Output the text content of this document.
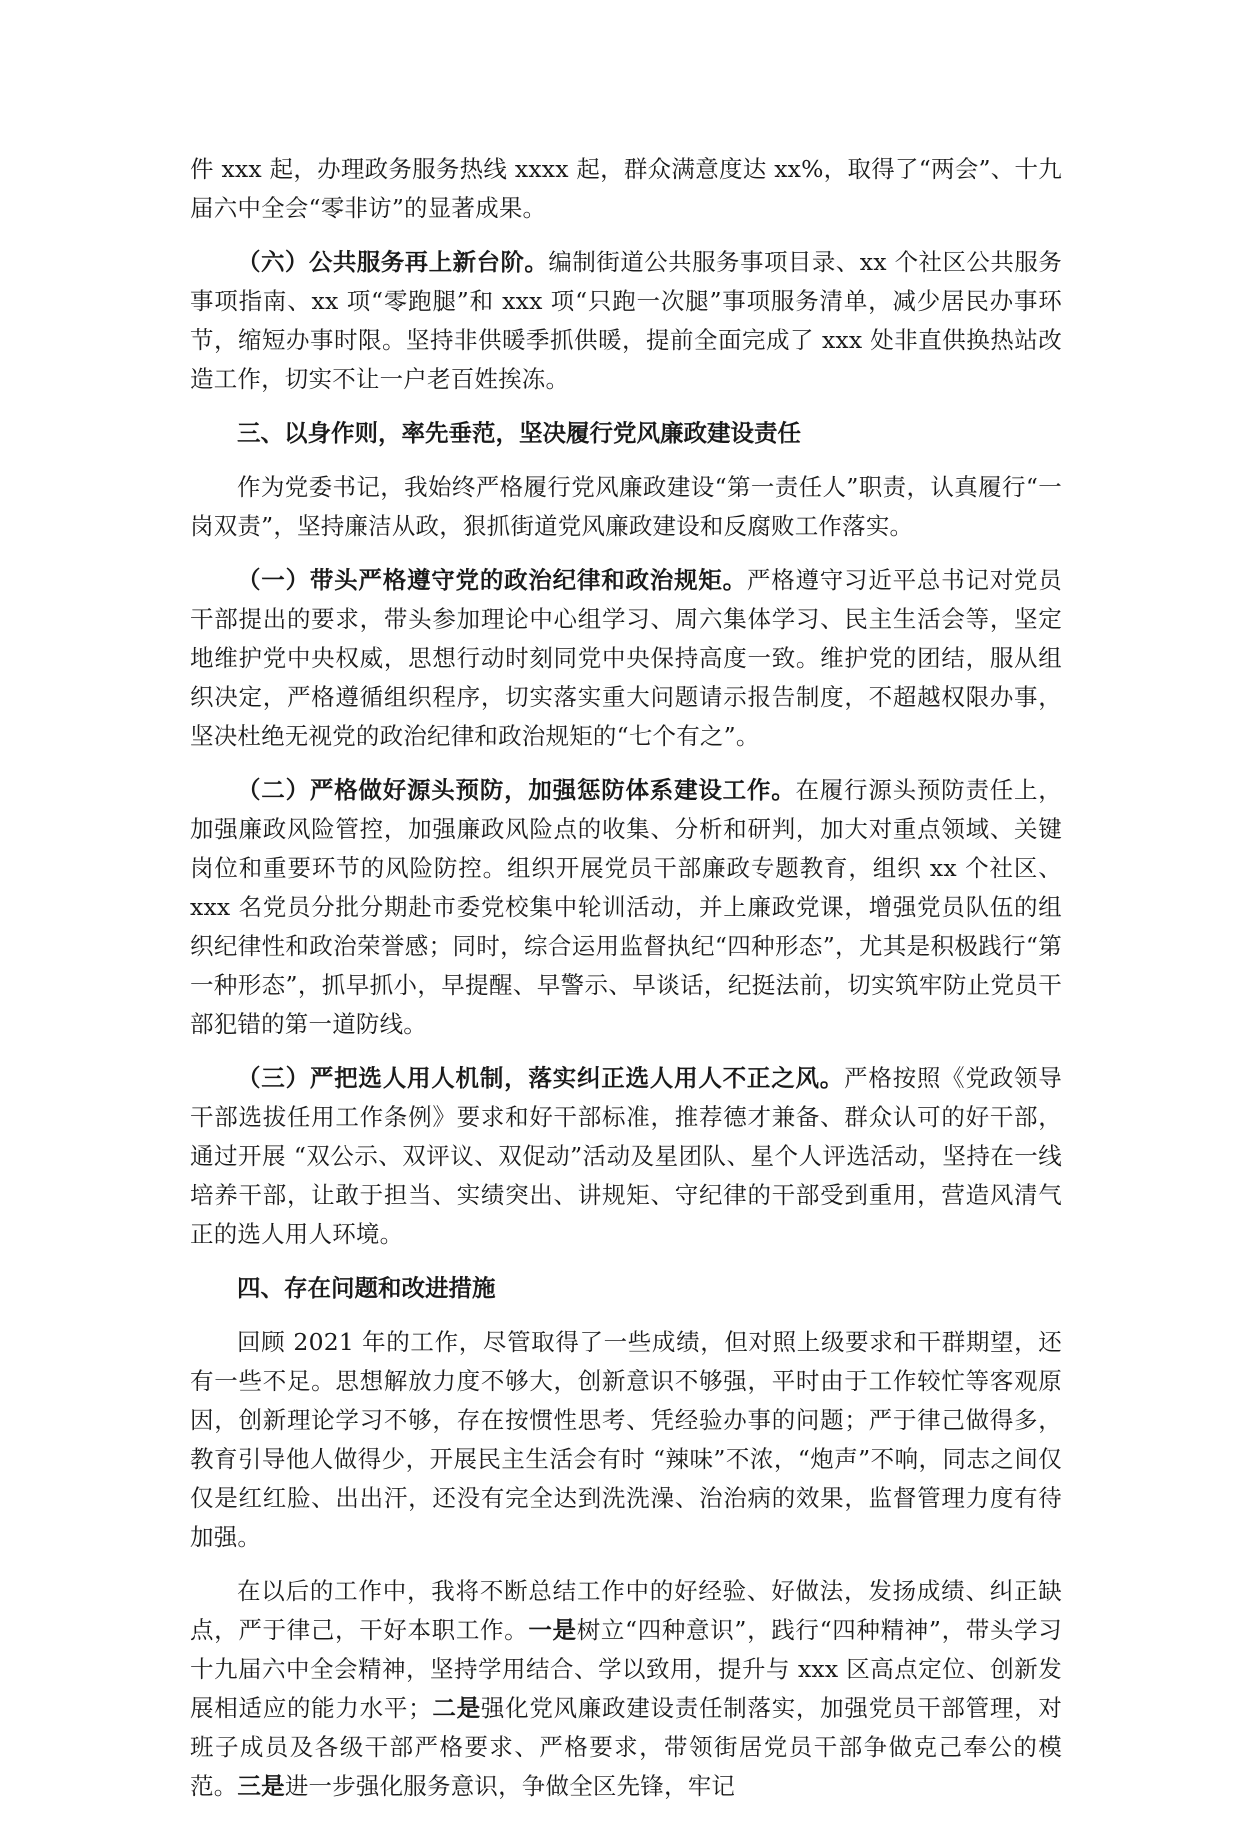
件 xxx 起，办理政务服务热线 xxxx 起，群众满意度达 xx%，取得了“两会”、十九届六中全会“零非访”的显著成果。

（六）公共服务再上新台阶。编制街道公共服务事项目录、xx 个社区公共服务事项指南、xx 项“零跑腿”和 xxx 项“只跑一次腿”事项服务清单，减少居民办事环节，缩短办事时限。坚持非供暖季抓供暖，提前全面完成了 xxx 处非直供换热站改造工作，切实不让一户老百姓挨冻。

三、以身作则，率先垂范，坚决履行党风廉政建设责任

作为党委书记，我始终严格履行党风廉政建设“第一责任人”职责，认真履行“一岗双责”，坚持廉洁从政，狠抓街道党风廉政建设和反腐败工作落实。

（一）带头严格遵守党的政治纪律和政治规矩。严格遵守习近平总书记对党员干部提出的要求，带头参加理论中心组学习、周六集体学习、民主生活会等，坚定地维护党中央权威，思想行动时刻同党中央保持高度一致。维护党的团结，服从组织决定，严格遵循组织程序，切实落实重大问题请示报告制度，不超越权限办事，坚决杜绝无视党的政治纪律和政治规矩的“七个有之”。

（二）严格做好源头预防，加强惩防体系建设工作。在履行源头预防责任上，加强廉政风险管控，加强廉政风险点的收集、分析和研判，加大对重点领域、关键岗位和重要环节的风险防控。组织开展党员干部廉政专题教育，组织 xx 个社区、xxx 名党员分批分期赴市委党校集中轮训活动，并上廉政党课，增强党员队伍的组织纪律性和政治荣誉感；同时，综合运用监督执纪“四种形态”，尤其是积极践行“第一种形态”，抓早抓小，早提醒、早警示、早谈话，纪挺法前，切实筑牢防止党员干部犯错的第一道防线。

（三）严把选人用人机制，落实纠正选人用人不正之风。严格按照《党政领导干部选拔任用工作条例》要求和好干部标准，推荐德才兼备、群众认可的好干部，通过开展 “双公示、双评议、双促动”活动及星团队、星个人评选活动，坚持在一线培养干部，让敢于担当、实绩突出、讲规矩、守纪律的干部受到重用，营造风清气正的选人用人环境。

四、存在问题和改进措施

回顾 2021 年的工作，尽管取得了一些成绩，但对照上级要求和干群期望，还有一些不足。思想解放力度不够大，创新意识不够强，平时由于工作较忙等客观原因，创新理论学习不够，存在按惯性思考、凭经验办事的问题；严于律己做得多，教育引导他人做得少，开展民主生活会有时 “辣味”不浓，“炮声”不响，同志之间仅仅是红红脸、出出汗，还没有完全达到洗洗澡、治治病的效果，监督管理力度有待加强。

在以后的工作中，我将不断总结工作中的好经验、好做法，发扬成绩、纠正缺点，严于律己，干好本职工作。一是树立“四种意识”，践行“四种精神”，带头学习十九届六中全会精神，坚持学用结合、学以致用，提升与 xxx 区高点定位、创新发展相适应的能力水平；二是强化党风廉政建设责任制落实，加强党员干部管理，对班子成员及各级干部严格要求、严格要求，带领街居党员干部争做克己奉公的模范。三是进一步强化服务意识，争做全区先锋，牢记
